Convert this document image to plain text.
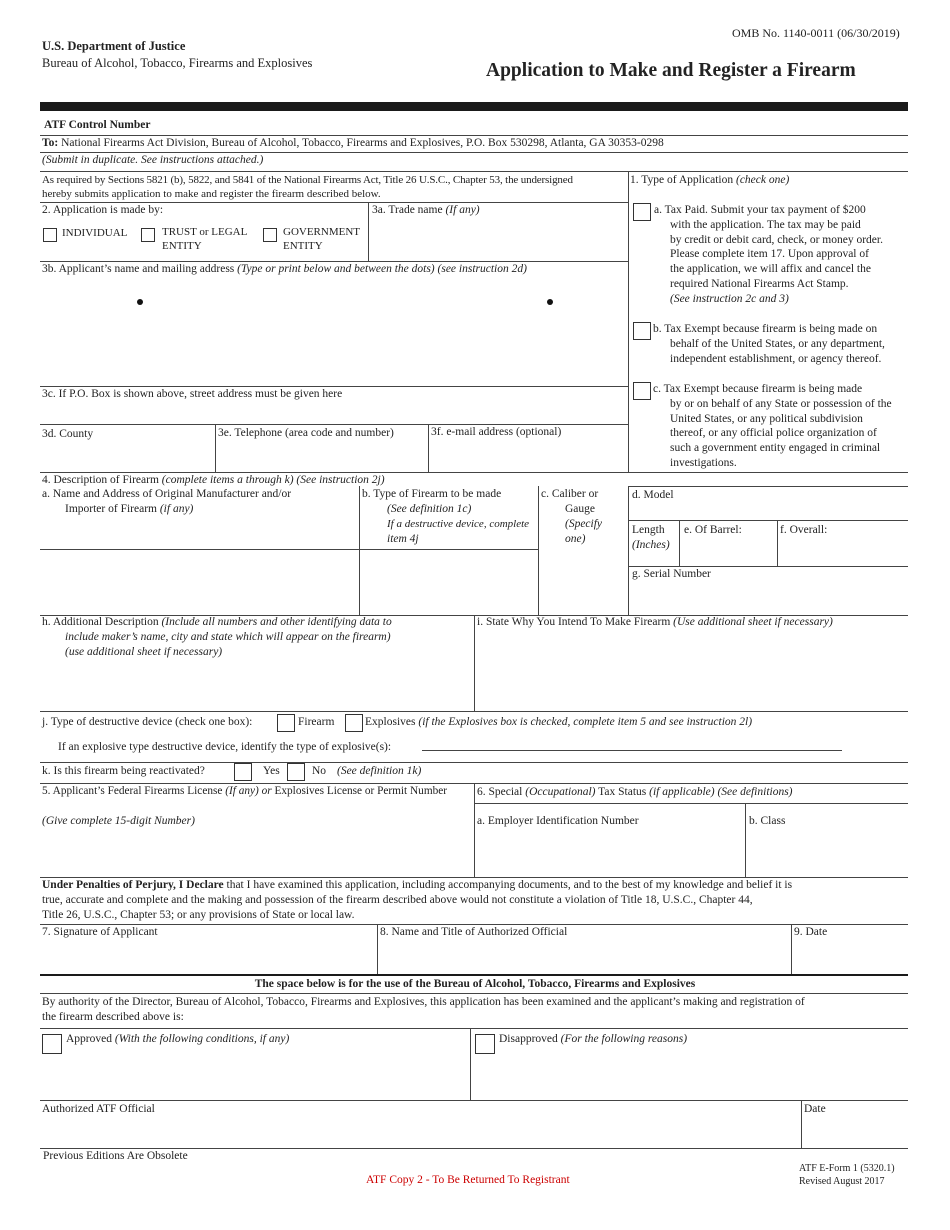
OMB No. 1140-0011 (06/30/2019)
U.S. Department of Justice
Bureau of Alcohol, Tobacco, Firearms and Explosives	Application to Make and Register a Firearm
ATF Control Number
To: National Firearms Act Division, Bureau of Alcohol, Tobacco, Firearms and Explosives, P.O. Box 530298, Atlanta, GA 30353-0298
(Submit in duplicate. See instructions attached.)
As required by Sections 5821 (b), 5822, and 5841 of the National Firearms Act, Title 26 U.S.C., Chapter 53, the undersigned
hereby submits application to make and register the firearm described below.
1. Type of Application (check one)
a. Tax Paid. Submit your tax payment of $200
with the application. The tax may be paid
by credit or debit card, check, or money order.
Please complete item 17. Upon approval of
the application, we will affix and cancel the
required National Firearms Act Stamp.
(See instruction 2c and 3)
b. Tax Exempt because firearm is being made on
behalf of the United States, or any department,
independent establishment, or agency thereof.
c. Tax Exempt because firearm is being made
by or on behalf of any State or possession of the
United States, or any political subdivision
thereof, or any official police organization of
such a government entity engaged in criminal
investigations.
2. Application is made by:	3a. Trade name (If any)
INDIVIDUAL	TRUST or LEGAL
ENTITY
GOVERNMENT
ENTITY
3b. Applicant’s name and mailing address (Type or print below and between the dots) (see instruction 2d)
3c. If P.O. Box is shown above, street address must be given here
3d. County	3e. Telephone (area code and number)	3f. e-mail address (optional)
4. Description of Firearm (complete items a through k) (See instruction 2j)
a. Name and Address of Original Manufacturer and/or
Importer of Firearm (if any)
b. Type of Firearm to be made
(See definition 1c)
If a destructive device, complete
item 4j
c. Caliber or
Gauge
(Specify
one)
d. Model
Length
(Inches)
e. Of Barrel:	f. Overall:
g. Serial Number
h. Additional Description (Include all numbers and other identifying data to
include maker’s name, city and state which will appear on the firearm)
(use additional sheet if necessary)
i. State Why You Intend To Make Firearm (Use additional sheet if necessary)
j. Type of destructive device (check one box):	Firearm	Explosives (if the Explosives box is checked, complete item 5 and see instruction 2l)
If an explosive type destructive device, identify the type of explosive(s):
k. Is this firearm being reactivated?	Yes	No (See definition 1k)
5. Applicant’s Federal Firearms License (If any) or Explosives License or Permit Number	6. Special (Occupational) Tax Status (if applicable) (See definitions)
(Give complete 15-digit Number)	a. Employer Identification Number	b. Class
Under Penalties of Perjury, I Declare that I have examined this application, including accompanying documents, and to the best of my knowledge and belief it is
true, accurate and complete and the making and possession of the firearm described above would not constitute a violation of Title 18, U.S.C., Chapter 44,
Title 26, U.S.C., Chapter 53; or any provisions of State or local law.
7. Signature of Applicant	8. Name and Title of Authorized Official	9. Date
The space below is for the use of the Bureau of Alcohol, Tobacco, Firearms and Explosives
By authority of the Director, Bureau of Alcohol, Tobacco, Firearms and Explosives, this application has been examined and the applicant’s making and registration of
the firearm described above is:
Approved (With the following conditions, if any)	Disapproved (For the following reasons)
Authorized ATF Official	Date
Previous Editions Are Obsolete
ATF Copy 2 - To Be Returned To Registrant
ATF E-Form 1 (5320.1)
Revised August 2017
